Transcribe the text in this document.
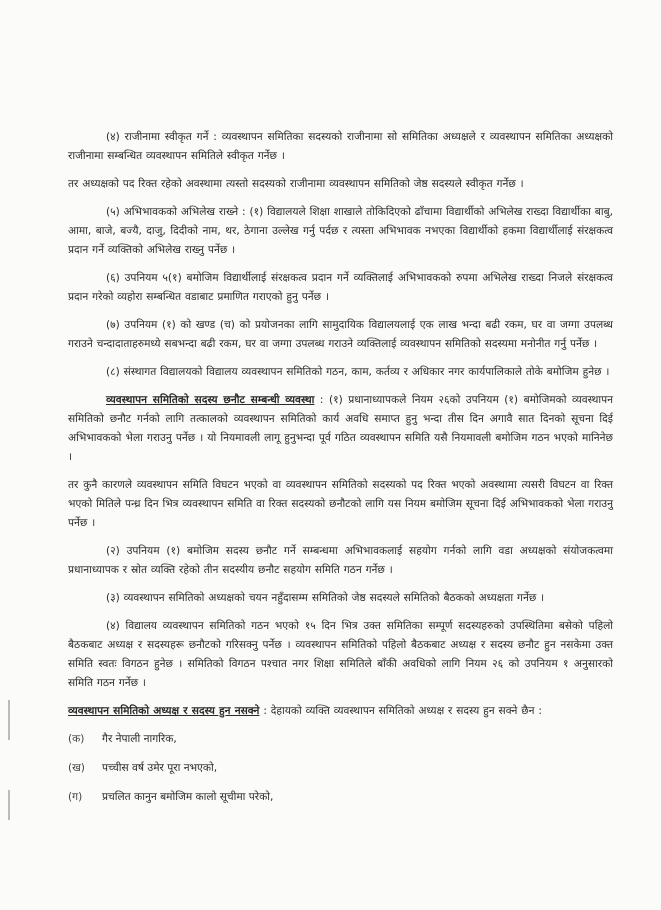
(४) राजीनामा स्वीकृत गर्ने : व्यवस्थापन समितिका सदस्यको राजीनामा सो समितिका अध्यक्षले र व्यवस्थापन समितिका अध्यक्षको राजीनामा सम्बन्धित व्यवस्थापन समितिले स्वीकृत गर्नेछ ।

तर अध्यक्षको पद रिक्त रहेको अवस्थामा त्यस्तो सदस्यको राजीनामा व्यवस्थापन समितिको जेष्ठ सदस्यले स्वीकृत गर्नेछ ।

(५) अभिभावकको अभिलेख राख्ने : (१) विद्यालयले शिक्षा शाखाले तोकिदिएको ढाँचामा विद्यार्थीको अभिलेख राख्दा विद्यार्थीका बाबु, आमा, बाजे, बज्यै, दाजु, दिदीको नाम, थर, ठेगाना उल्लेख गर्नु पर्दछ र त्यस्ता अभिभावक नभएका विद्यार्थीको हकमा विद्यार्थीलाई संरक्षकत्व प्रदान गर्ने व्यक्तिको अभिलेख राख्नु पर्नेछ ।

(६) उपनियम ५(१) बमोजिम विद्यार्थीलाई संरक्षकत्व प्रदान गर्ने व्यक्तिलाई अभिभावकको रुपमा अभिलेख राख्दा निजले संरक्षकत्व प्रदान गरेको व्यहोरा सम्बन्धित वडाबाट प्रमाणित गराएको हुनु पर्नेछ ।

(७) उपनियम (१) को खण्ड (च) को प्रयोजनका लागि सामुदायिक विद्यालयलाई एक लाख भन्दा बढी रकम, घर वा जग्गा उपलब्ध गराउने चन्दादाताहरुमध्ये सबभन्दा बढी रकम, घर वा जग्गा उपलब्ध गराउने व्यक्तिलाई व्यवस्थापन समितिको सदस्यमा मनोनीत गर्नु पर्नेछ ।

(८) संस्थागत विद्यालयको विद्यालय व्यवस्थापन समितिको गठन, काम, कर्तव्य र अधिकार नगर कार्यपालिकाले तोके बमोजिम हुनेछ ।

व्यवस्थापन समितिको सदस्य छनौट सम्बन्धी व्यवस्था : (१) प्रधानाध्यापकले नियम २६को उपनियम (१) बमोजिमको व्यवस्थापन समितिको छनौट गर्नको लागि तत्कालको व्यवस्थापन समितिको कार्य अवधि समाप्त हुनु भन्दा तीस दिन अगावै सात दिनको सूचना दिई अभिभावकको भेला गराउनु पर्नेछ । यो नियमावली लागू हुनुभन्दा पूर्व गठित व्यवस्थापन समिति यसै नियमावली बमोजिम गठन भएको मानिनेछ ।

तर कुनै कारणले व्यवस्थापन समिति विघटन भएको वा व्यवस्थापन समितिको सदस्यको पद रिक्त भएको अवस्थामा त्यसरी विघटन वा रिक्त भएको मितिले पन्ध्र दिन भित्र व्यवस्थापन समिति वा रिक्त सदस्यको छनौटको लागि यस नियम बमोजिम सूचना दिई अभिभावकको भेला गराउनु पर्नेछ ।

(२) उपनियम (१) बमोजिम सदस्य छनौट गर्ने सम्बन्धमा अभिभावकलाई सहयोग गर्नको लागि वडा अध्यक्षको संयोजकत्वमा प्रधानाध्यापक र स्रोत व्यक्ति रहेको तीन सदस्यीय छनौट सहयोग समिति गठन गर्नेछ ।

(३) व्यवस्थापन समितिको अध्यक्षको चयन नहुँदासम्म समितिको जेष्ठ सदस्यले समितिको बैठकको अध्यक्षता गर्नेछ ।

(४) विद्यालय व्यवस्थापन समितिको गठन भएको १५ दिन भित्र उक्त समितिका सम्पूर्ण सदस्यहरुको उपस्थितिमा बसेको पहिलो बैठकबाट अध्यक्ष र सदस्यहरू छनौटको गरिसक्नु पर्नेछ । व्यवस्थापन समितिको पहिलो बैठकबाट अध्यक्ष र सदस्य छनौट हुन नसकेमा उक्त समिति स्वतः विगठन हुनेछ । समितिको विगठन पश्चात नगर शिक्षा समितिले बाँकी अवधिको लागि नियम २६ को उपनियम १ अनुसारको समिति गठन गर्नेछ ।

व्यवस्थापन समितिको अध्यक्ष र सदस्य हुन नसक्ने : देहायको व्यक्ति व्यवस्थापन समितिको अध्यक्ष र सदस्य हुन सक्ने छैन :

(क)	गैर नेपाली नागरिक,
(ख)	पच्चीस वर्ष उमेर पूरा नभएको,
(ग)	प्रचलित कानुन बमोजिम कालो सूचीमा परेको,
